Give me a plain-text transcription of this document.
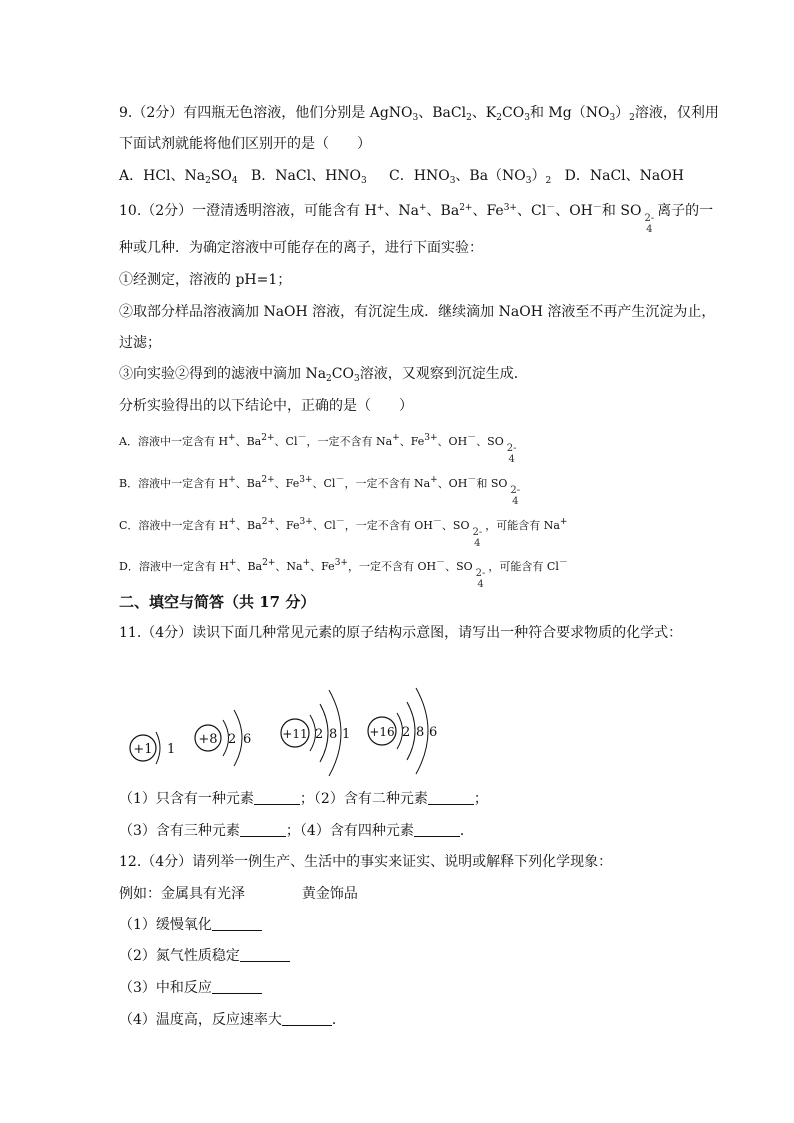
9.（2分）有四瓶无色溶液，他们分别是 AgNO$_3$、BaCl$_2$、$K_2CO_3$和 $Mg(NO_3)_2$溶液，仅利用
下面试剂就能将他们区别开的是（　　）
A．HCl、$Na_2SO_4$ B．NaCl、$HNO_3$ C．$HNO_3$、$Ba(NO_3)_2$ D．NaCl、NaOH
10.（2分）一澄清透明溶液，可能含有 H+、Na+、$Ba^{2+}$、$Fe^{3+}$、Cl－、OH－和 SO 2-
4
离子的一
种或几种．为确定溶液中可能存在的离子，进行下面实验：
①经测定，溶液的 pH=1；
②取部分样品溶液滴加 NaOH 溶液，有沉淀生成．继续滴加 NaOH 溶液至不再产生沉淀为止，
过滤；
③向实验②得到的滤液中滴加 $Na_2CO_3$溶液，又观察到沉淀生成．
分析实验得出的以下结论中，正确的是（　　）
A．溶液中一定含有 H+、$Ba^{2+}$、Cl－，一定不含有 Na+、$Fe^{3+}$、OH－、SO
2-
4
B．溶液中一定含有 H+、$Ba^{2+}$、$Fe^{3+}$、Cl－，一定不含有 Na+、OH－和 SO
2-
4
C．溶液中一定含有 H+、$Ba^{2+}$、$Fe^{3+}$、Cl－，一定不含有 OH－、SO
2-
4
，可能含有 Na+
D．溶液中一定含有 H+、$Ba^{2+}$、Na+、$Fe^{3+}$，一定不含有 OH－、SO
2-
4
，可能含有 Cl－
二、填空与简答（共 17 分）
11.（4分）读识下面几种常见元素的原子结构示意图，请写出一种符合要求物质的化学式：
+1 1
+8 2 6	+11 2 8 1 +16 2 8 6
（1）只含有一种元素	；（2）含有二种元素	；
（3）含有三种元素	；（4）含有四种元素	．
12.（4分）请列举一例生产、生活中的事实来证实、说明或解释下列化学现象：
例如：金属具有光泽	黄金饰品
（1）缓慢氧化
（2）氮气性质稳定
（3）中和反应
（4）温度高，反应速率大	．
